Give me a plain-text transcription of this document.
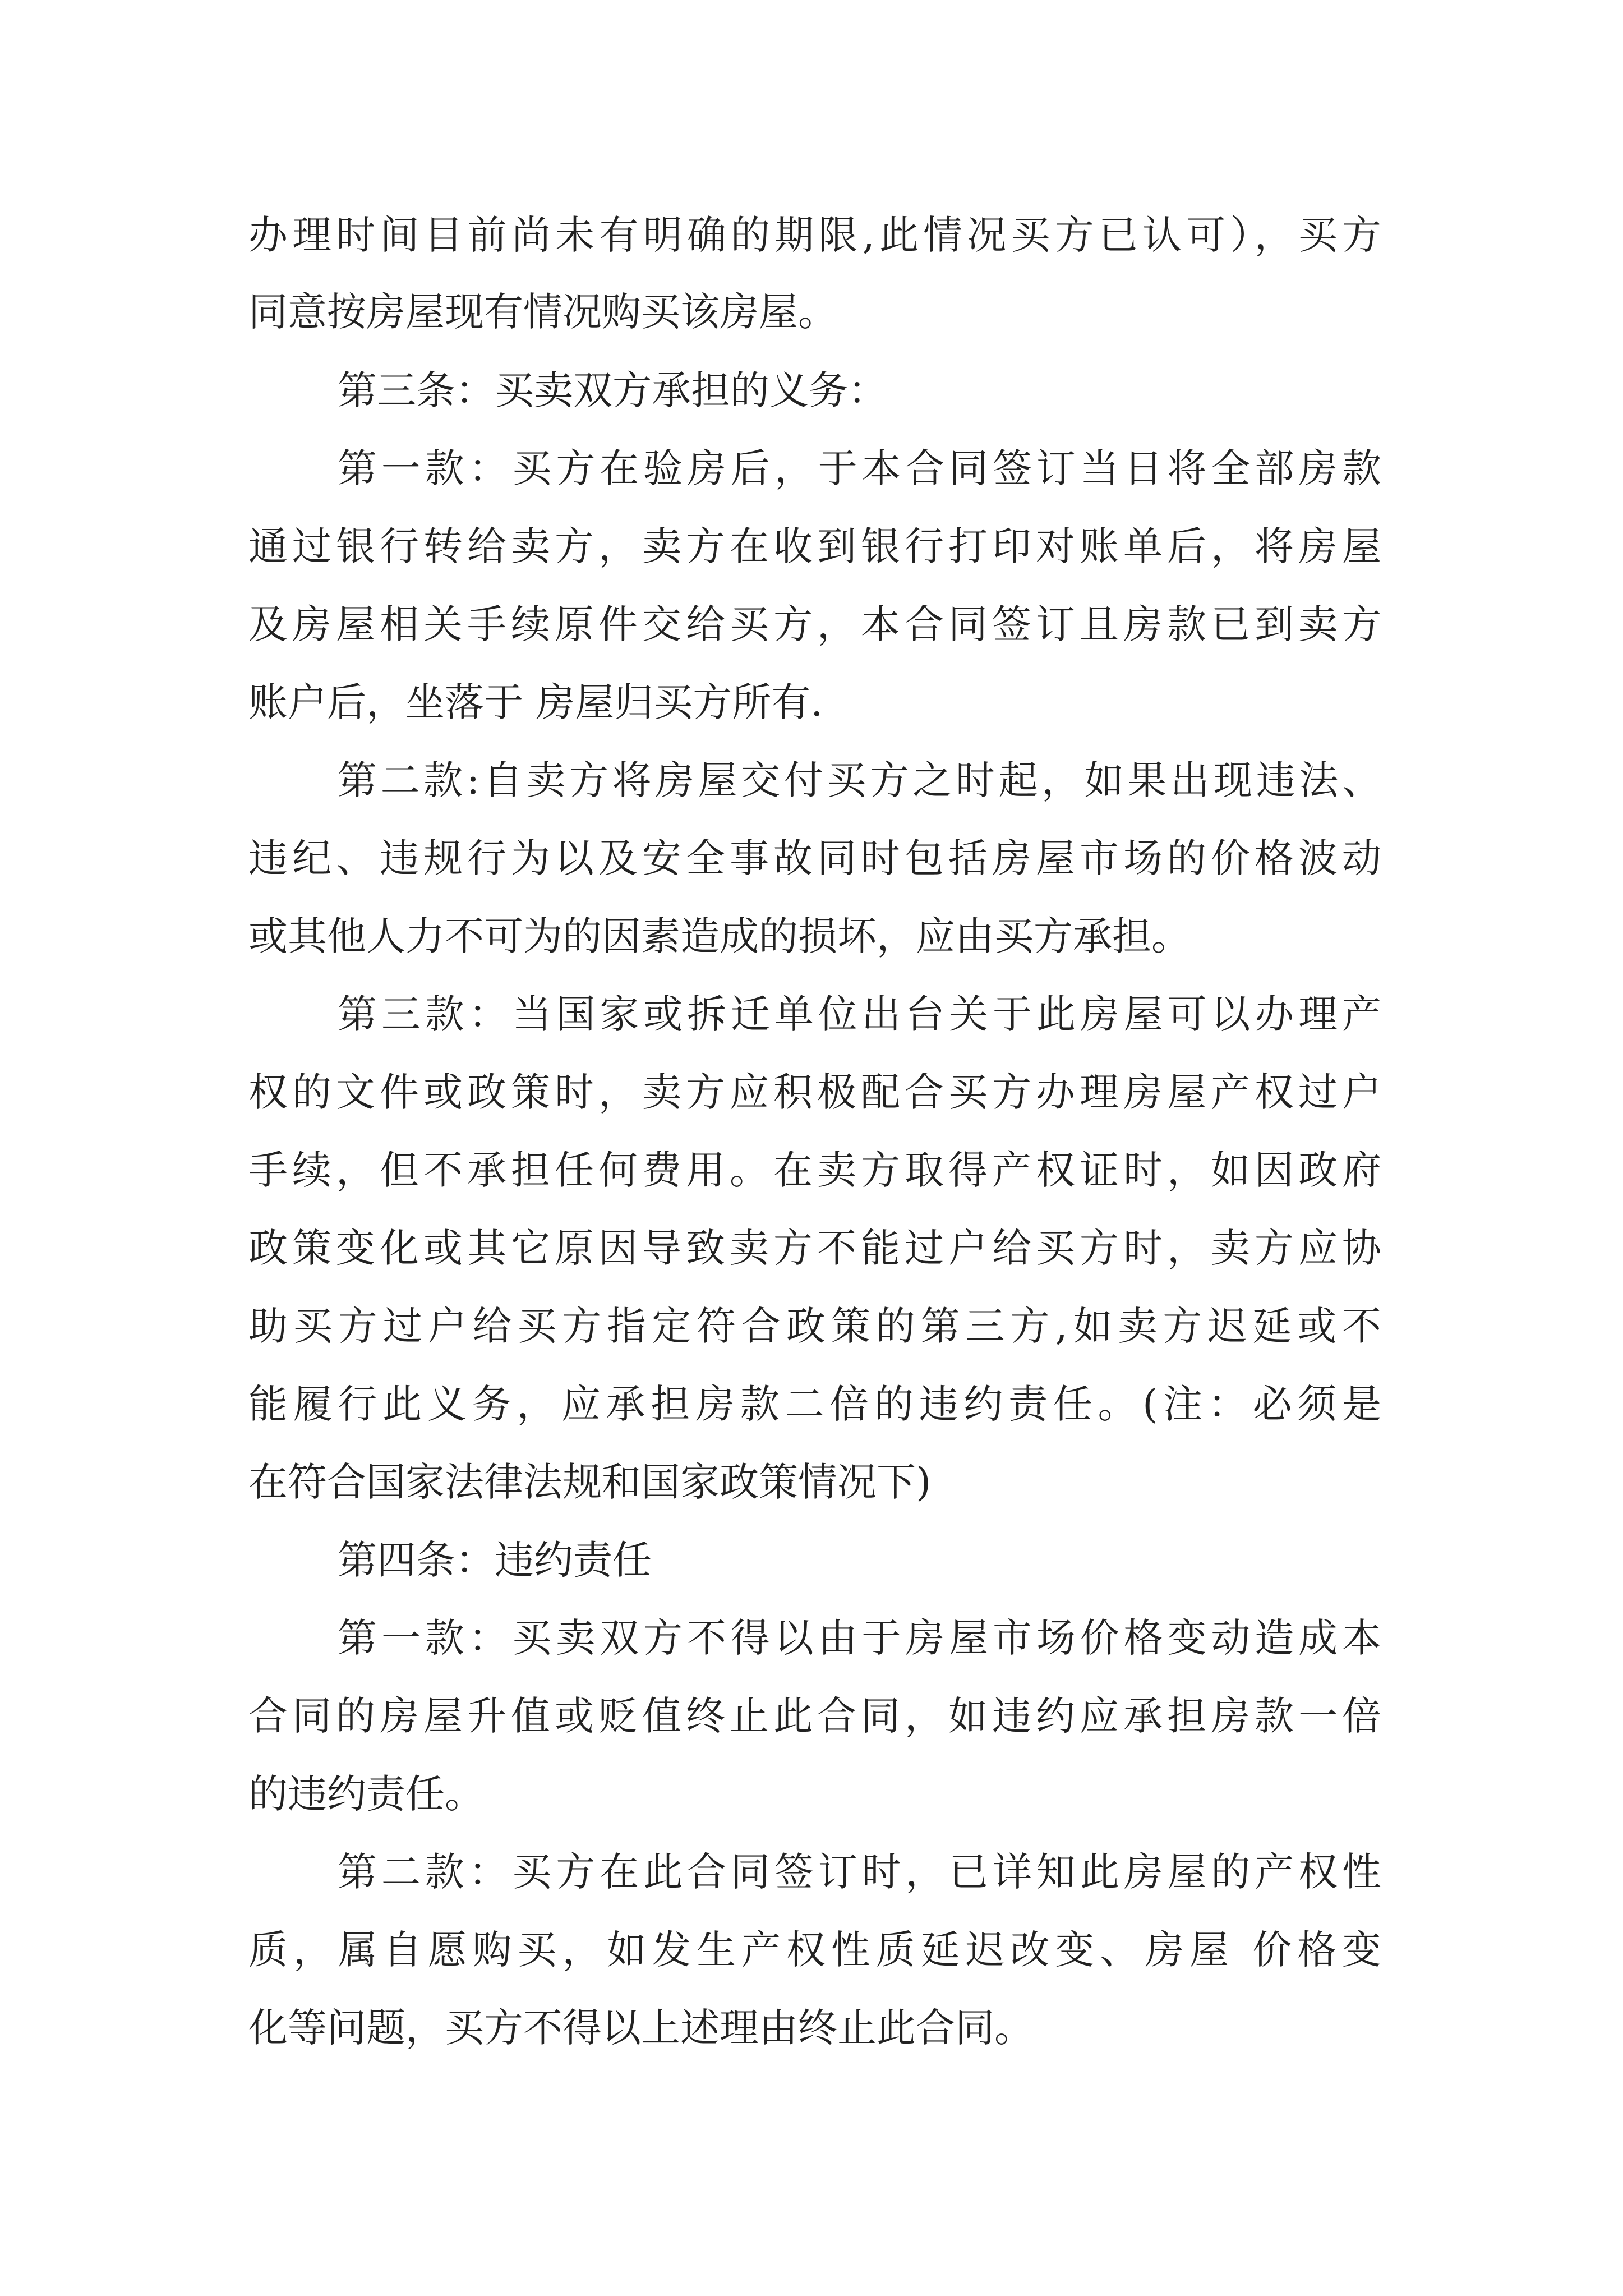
办理时间目前尚未有明确的期限,此情况买方已认可），买方

同意按房屋现有情况购买该房屋。

第三条：买卖双方承担的义务：

第一款：买方在验房后，于本合同签订当日将全部房款

通过银行转给卖方，卖方在收到银行打印对账单后，将房屋

及房屋相关手续原件交给买方，本合同签订且房款已到卖方

账户后，坐落于 房屋归买方所有.

第二款:自卖方将房屋交付买方之时起，如果出现违法、

违纪、违规行为以及安全事故同时包括房屋市场的价格波动

或其他人力不可为的因素造成的损坏，应由买方承担。

第三款：当国家或拆迁单位出台关于此房屋可以办理产

权的文件或政策时，卖方应积极配合买方办理房屋产权过户

手续，但不承担任何费用。在卖方取得产权证时，如因政府

政策变化或其它原因导致卖方不能过户给买方时，卖方应协

助买方过户给买方指定符合政策的第三方,如卖方迟延或不

能履行此义务，应承担房款二倍的违约责任。(注：必须是

在符合国家法律法规和国家政策情况下)

第四条：违约责任

第一款：买卖双方不得以由于房屋市场价格变动造成本

合同的房屋升值或贬值终止此合同，如违约应承担房款一倍

的违约责任。

第二款：买方在此合同签订时，已详知此房屋的产权性

质，属自愿购买，如发生产权性质延迟改变、房屋 价格变

化等问题，买方不得以上述理由终止此合同。
